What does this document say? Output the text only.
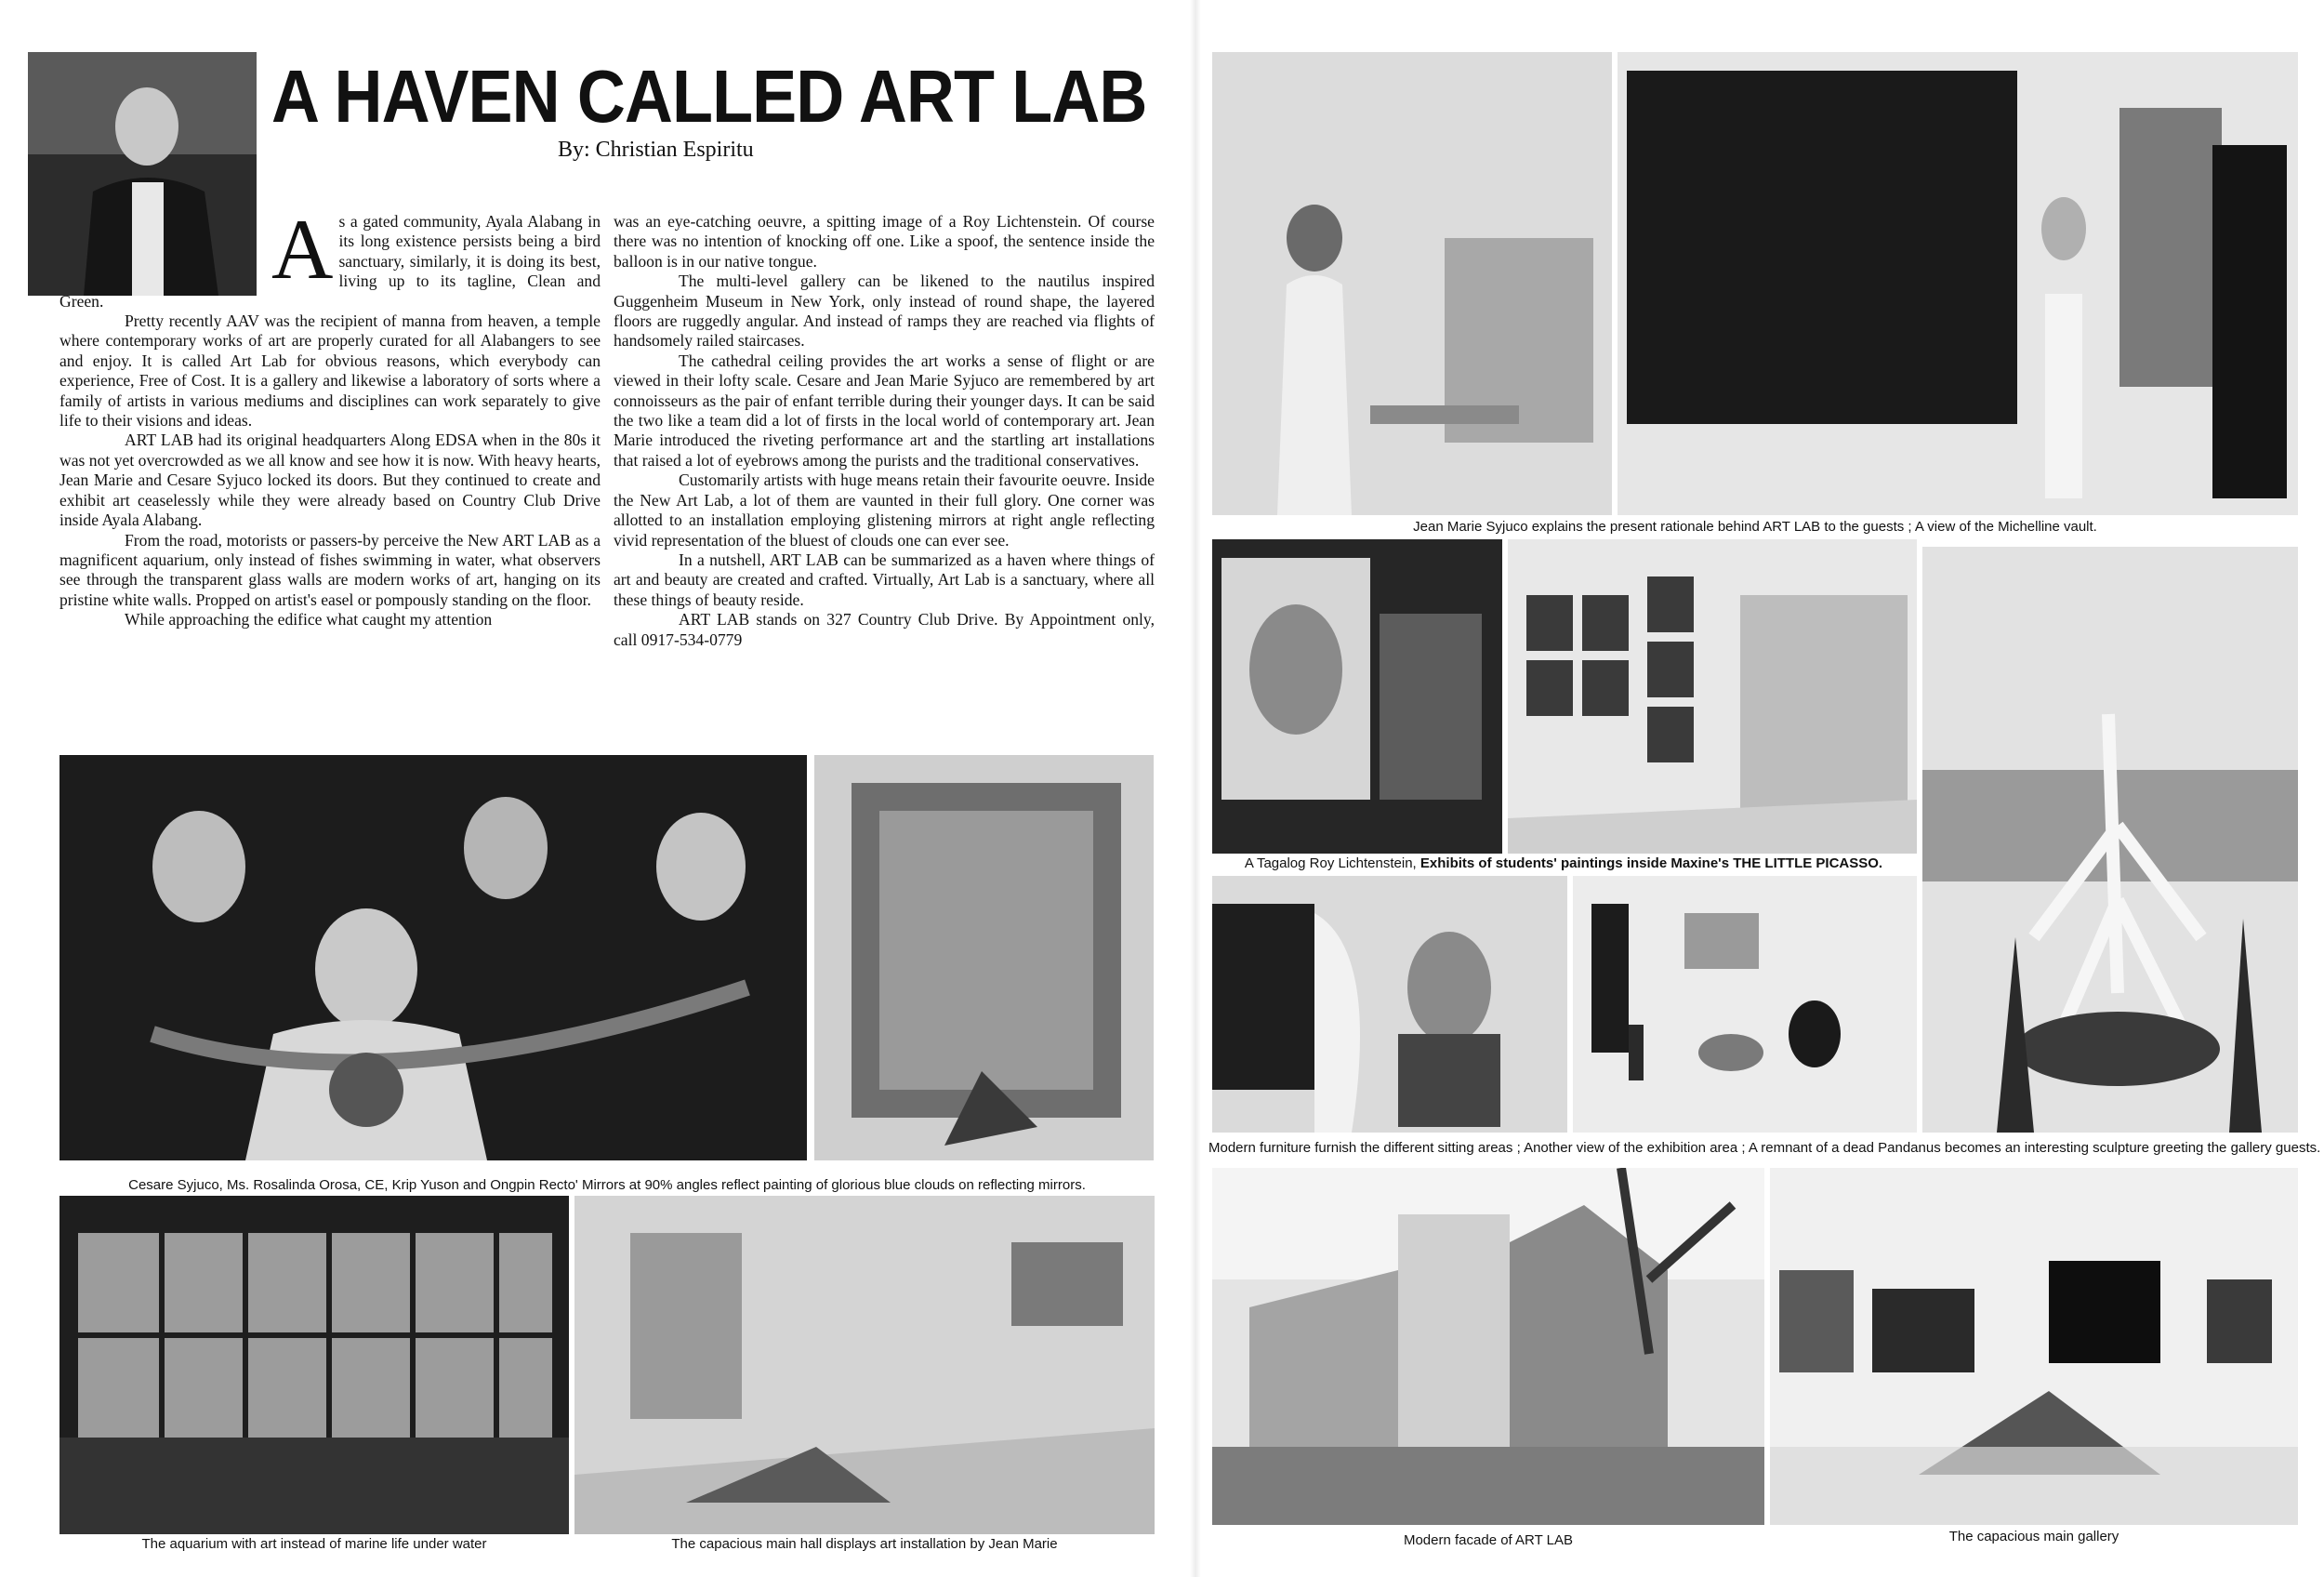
A HAVEN CALLED ART LAB
By: Christian Espiritu

As a gated community, Ayala Alabang in its long existence persists being a bird sanctuary, similarly, it is doing its best, living up to its tagline, Clean and Green.

Pretty recently AAV was the recipient of manna from heaven, a temple where contemporary works of art are properly curated for all Alabangers to see and enjoy. It is called Art Lab for obvious reasons, which everybody can experience, Free of Cost. It is a gallery and likewise a laboratory of sorts where a family of artists in various mediums and disciplines can work separately to give life to their visions and ideas.

ART LAB had its original headquarters Along EDSA when in the 80s it was not yet overcrowded as we all know and see how it is now. With heavy hearts, Jean Marie and Cesare Syjuco locked its doors. But they continued to create and exhibit art ceaselessly while they were already based on Country Club Drive inside Ayala Alabang.

From the road, motorists or passers-by perceive the New ART LAB as a magnificent aquarium, only instead of fishes swimming in water, what observers see through the transparent glass walls are modern works of art, hanging on its pristine white walls. Propped on artist's easel or pompously standing on the floor.

While approaching the edifice what caught my attention

was an eye-catching oeuvre, a spitting image of a Roy Lichtenstein. Of course there was no intention of knocking off one. Like a spoof, the sentence inside the balloon is in our native tongue.

The multi-level gallery can be likened to the nautilus inspired Guggenheim Museum in New York, only instead of round shape, the layered floors are ruggedly angular. And instead of ramps they are reached via flights of handsomely railed staircases.

The cathedral ceiling provides the art works a sense of flight or are viewed in their lofty scale. Cesare and Jean Marie Syjuco are remembered by art connoisseurs as the pair of enfant terrible during their younger days. It can be said the two like a team did a lot of firsts in the local world of contemporary art. Jean Marie introduced the riveting performance art and the startling art installations that raised a lot of eyebrows among the purists and the traditional conservatives.

Customarily artists with huge means retain their favourite oeuvre. Inside the New Art Lab, a lot of them are vaunted in their full glory. One corner was allotted to an installation employing glistening mirrors at right angle reflecting vivid representation of the bluest of clouds one can ever see.

In a nutshell, ART LAB can be summarized as a haven where things of art and beauty are created and crafted. Virtually, Art Lab is a sanctuary, where all these things of beauty reside.

ART LAB stands on 327 Country Club Drive. By Appointment only, call 0917-534-0779

Cesare Syjuco, Ms. Rosalinda Orosa, CE, Krip Yuson and Ongpin Recto' Mirrors at 90% angles reflect painting of glorious blue clouds on reflecting mirrors.
The aquarium with art instead of marine life under water	The capacious main hall displays art installation by Jean Marie
Jean Marie Syjuco explains the present rationale behind ART LAB to the guests ; A view of the Michelline vault.
A Tagalog Roy Lichtenstein, Exhibits of students' paintings inside Maxine's THE LITTLE PICASSO.
Modern furniture furnish the different sitting areas ; Another view of the exhibition area ; A remnant of a dead Pandanus becomes an interesting sculpture greeting the gallery guests.
Modern facade of ART LAB	The capacious main gallery
